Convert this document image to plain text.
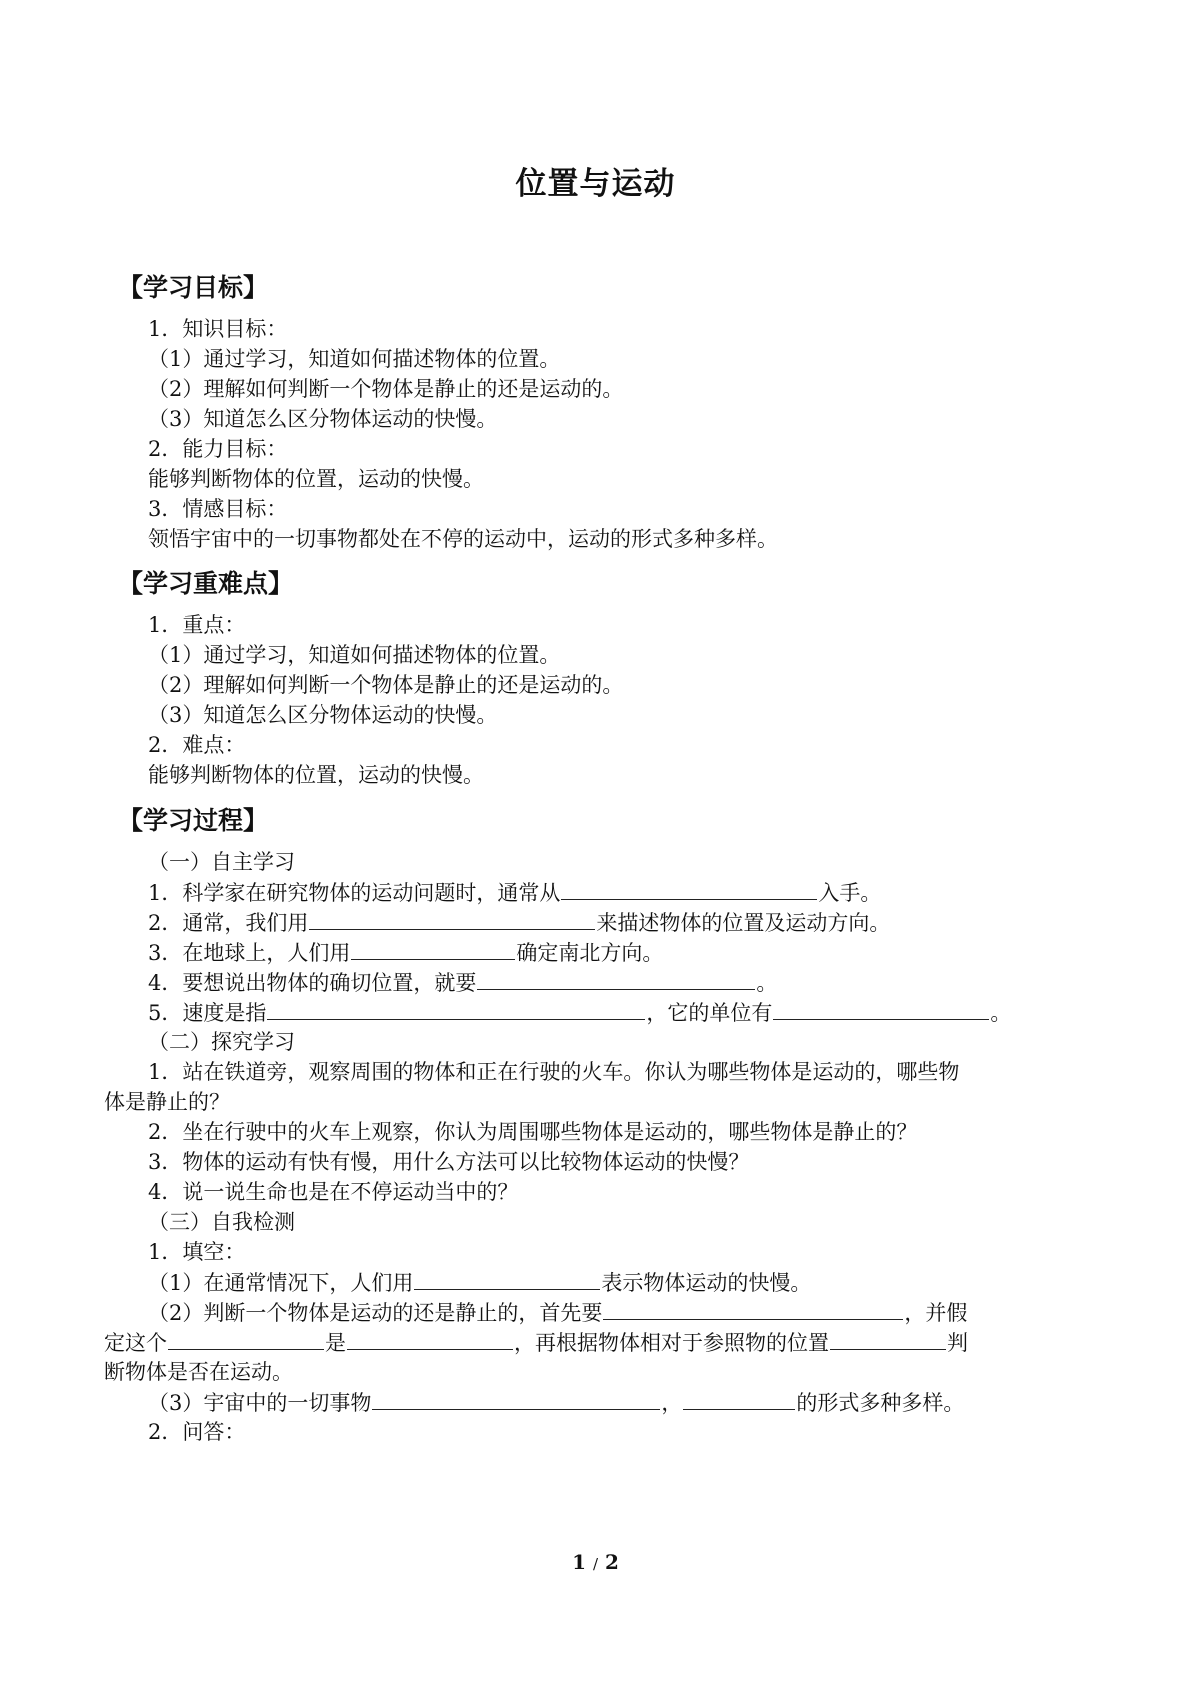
位置与运动
【学习目标】
1．知识目标：
（1）通过学习，知道如何描述物体的位置。
（2）理解如何判断一个物体是静止的还是运动的。
（3）知道怎么区分物体运动的快慢。
2．能力目标：
能够判断物体的位置，运动的快慢。
3．情感目标：
领悟宇宙中的一切事物都处在不停的运动中，运动的形式多种多样。
【学习重难点】
1．重点：
（1）通过学习，知道如何描述物体的位置。
（2）理解如何判断一个物体是静止的还是运动的。
（3）知道怎么区分物体运动的快慢。
2．难点：
能够判断物体的位置，运动的快慢。
【学习过程】
（一）自主学习
1．科学家在研究物体的运动问题时，通常从	入手。
2．通常，我们用	来描述物体的位置及运动方向。
3．在地球上，人们用	确定南北方向。
4．要想说出物体的确切位置，就要	。
5．速度是指	，它的单位有	。
（二）探究学习
1．站在铁道旁，观察周围的物体和正在行驶的火车。你认为哪些物体是运动的，哪些物
体是静止的？
2．坐在行驶中的火车上观察，你认为周围哪些物体是运动的，哪些物体是静止的？
3．物体的运动有快有慢，用什么方法可以比较物体运动的快慢？
4．说一说生命也是在不停运动当中的？
（三）自我检测
1．填空：
（1）在通常情况下，人们用	表示物体运动的快慢。
（2）判断一个物体是运动的还是静止的，首先要	，并假
定这个	是	，再根据物体相对于参照物的位置	判
断物体是否在运动。
（3）宇宙中的一切事物	，	的形式多种多样。
2．问答：
1 / 2
